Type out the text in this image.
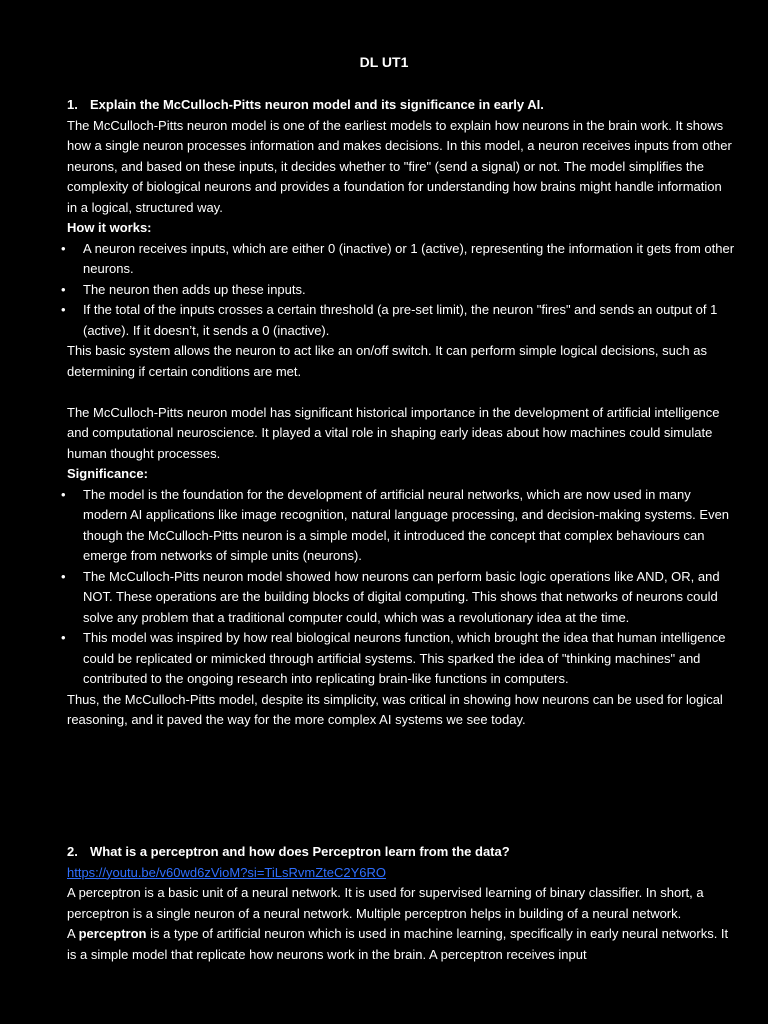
DL UT1

1. Explain the McCulloch-Pitts neuron model and its significance in early AI.

The McCulloch-Pitts neuron model is one of the earliest models to explain how neurons in the brain work. It shows how a single neuron processes information and makes decisions. In this model, a neuron receives inputs from other neurons, and based on these inputs, it decides whether to "fire" (send a signal) or not. The model simplifies the complexity of biological neurons and provides a foundation for understanding how brains might handle information in a logical, structured way.

How it works:

• A neuron receives inputs, which are either 0 (inactive) or 1 (active), representing the information it gets from other neurons.
• The neuron then adds up these inputs.
• If the total of the inputs crosses a certain threshold (a pre-set limit), the neuron "fires" and sends an output of 1 (active). If it doesn’t, it sends a 0 (inactive).

This basic system allows the neuron to act like an on/off switch. It can perform simple logical decisions, such as determining if certain conditions are met.

The McCulloch-Pitts neuron model has significant historical importance in the development of artificial intelligence and computational neuroscience. It played a vital role in shaping early ideas about how machines could simulate human thought processes.

Significance:

• The model is the foundation for the development of artificial neural networks, which are now used in many modern AI applications like image recognition, natural language processing, and decision-making systems. Even though the McCulloch-Pitts neuron is a simple model, it introduced the concept that complex behaviours can emerge from networks of simple units (neurons).
• The McCulloch-Pitts neuron model showed how neurons can perform basic logic operations like AND, OR, and NOT. These operations are the building blocks of digital computing. This shows that networks of neurons could solve any problem that a traditional computer could, which was a revolutionary idea at the time.
• This model was inspired by how real biological neurons function, which brought the idea that human intelligence could be replicated or mimicked through artificial systems. This sparked the idea of "thinking machines" and contributed to the ongoing research into replicating brain-like functions in computers.

Thus, the McCulloch-Pitts model, despite its simplicity, was critical in showing how neurons can be used for logical reasoning, and it paved the way for the more complex AI systems we see today.

2. What is a perceptron and how does Perceptron learn from the data?

https://youtu.be/v60wd6zVioM?si=TiLsRvmZteC2Y6RO

A perceptron is a basic unit of a neural network. It is used for supervised learning of binary classifier. In short, a perceptron is a single neuron of a neural network. Multiple perceptron helps in building of a neural network.

A perceptron is a type of artificial neuron which is used in machine learning, specifically in early neural networks. It is a simple model that replicate how neurons work in the brain. A perceptron receives input
